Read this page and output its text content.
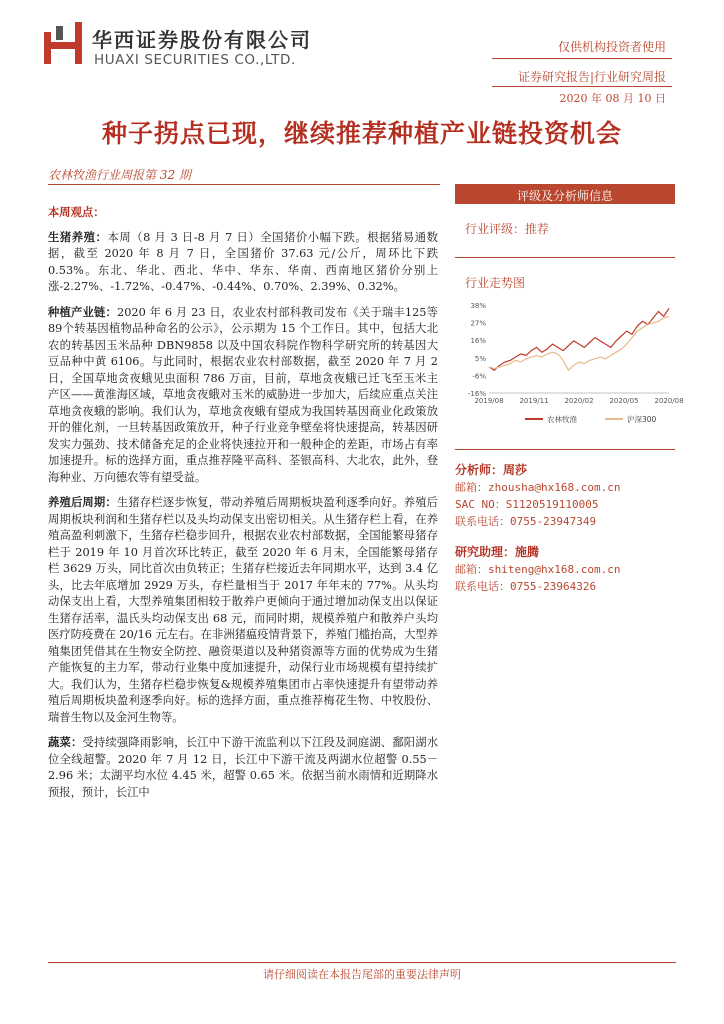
华西证券股份有限公司
HUAXI SECURITIES CO.,LTD.
仅供机构投资者使用
证券研究报告|行业研究周报
2020 年 08 月 10 日
种子拐点已现，继续推荐种植产业链投资机会
农林牧渔行业周报第 32 期
本周观点：

生猪养殖：本周（8 月 3 日-8 月 7 日）全国猪价小幅下跌。根据猪易通数据，截至 2020 年 8 月 7 日，全国猪价 37.63 元/公斤，周环比下跌 0.53%。东北、华北、西北、华中、华东、华南、西南地区猪价分别上涨-2.27%、-1.72%、-0.47%、-0.44%、0.70%、2.39%、0.32%。

种植产业链：2020 年 6 月 23 日，农业农村部科教司发布《关于瑞丰125等89个转基因植物品种命名的公示》，公示期为 15 个工作日。其中，包括大北农的转基因玉米品种 DBN9858 以及中国农科院作物科学研究所的转基因大豆品种中黄 6106。与此同时，根据农业农村部数据，截至 2020 年 7 月 2 日，全国草地贪夜蛾见虫面积 786 万亩，目前，草地贪夜蛾已迁飞至玉米主产区——黄淮海区域，草地贪夜蛾对玉米的威胁进一步加大，后续应重点关注草地贪夜蛾的影响。我们认为，草地贪夜蛾有望成为我国转基因商业化政策放开的催化剂，一旦转基因政策放开，种子行业竞争壁垒将快速提高，转基因研发实力强劲、技术储备充足的企业将快速拉开和一般种企的差距，市场占有率加速提升。标的选择方面，重点推荐隆平高科、荃银高科、大北农，此外，登海种业、万向德农等有望受益。

养殖后周期：生猪存栏逐步恢复，带动养殖后周期板块盈利逐季向好。养殖后周期板块利润和生猪存栏以及头均动保支出密切相关。从生猪存栏上看，在养殖高盈利刺激下，生猪存栏稳步回升，根据农业农村部数据，全国能繁母猪存栏于 2019 年 10 月首次环比转正，截至 2020 年 6 月末，全国能繁母猪存栏 3629 万头，同比首次由负转正；生猪存栏接近去年同期水平，达到 3.4 亿头，比去年底增加 2929 万头，存栏量相当于 2017 年年末的 77%。从头均动保支出上看，大型养殖集团相较于散养户更倾向于通过增加动保支出以保证生猪存活率，温氏头均动保支出 68 元，而同时期，规模养殖户和散养户头均医疗防疫费在 20/16 元左右。在非洲猪瘟疫情背景下，养殖门槛抬高，大型养殖集团凭借其在生物安全防控、融资渠道以及种猪资源等方面的优势成为生猪产能恢复的主力军，带动行业集中度加速提升，动保行业市场规模有望持续扩大。我们认为，生猪存栏稳步恢复&规模养殖集团市占率快速提升有望带动养殖后周期板块盈利逐季向好。标的选择方面，重点推荐梅花生物、中牧股份、瑞普生物以及金河生物等。

蔬菜：受持续强降雨影响，长江中下游干流监利以下江段及洞庭湖、鄱阳湖水位全线超警。2020 年 7 月 12 日，长江中下游干流及两湖水位超警 0.55－2.96 米；太湖平均水位 4.45 米，超警 0.65 米。依据当前水雨情和近期降水预报，预计，长江中

评级及分析师信息
行业评级：推荐
行业走势图
38%
27%
16%
5%
-6%
-16%
2019/08 2019/11 2020/02 2020/05 2020/08
农林牧渔	沪深300
分析师：周莎
邮箱：zhousha@hx168.com.cn
SAC NO：S1120519110005
联系电话：0755-23947349
研究助理：施腾
邮箱：shiteng@hx168.com.cn
联系电话：0755-23964326
请仔细阅读在本报告尾部的重要法律声明
